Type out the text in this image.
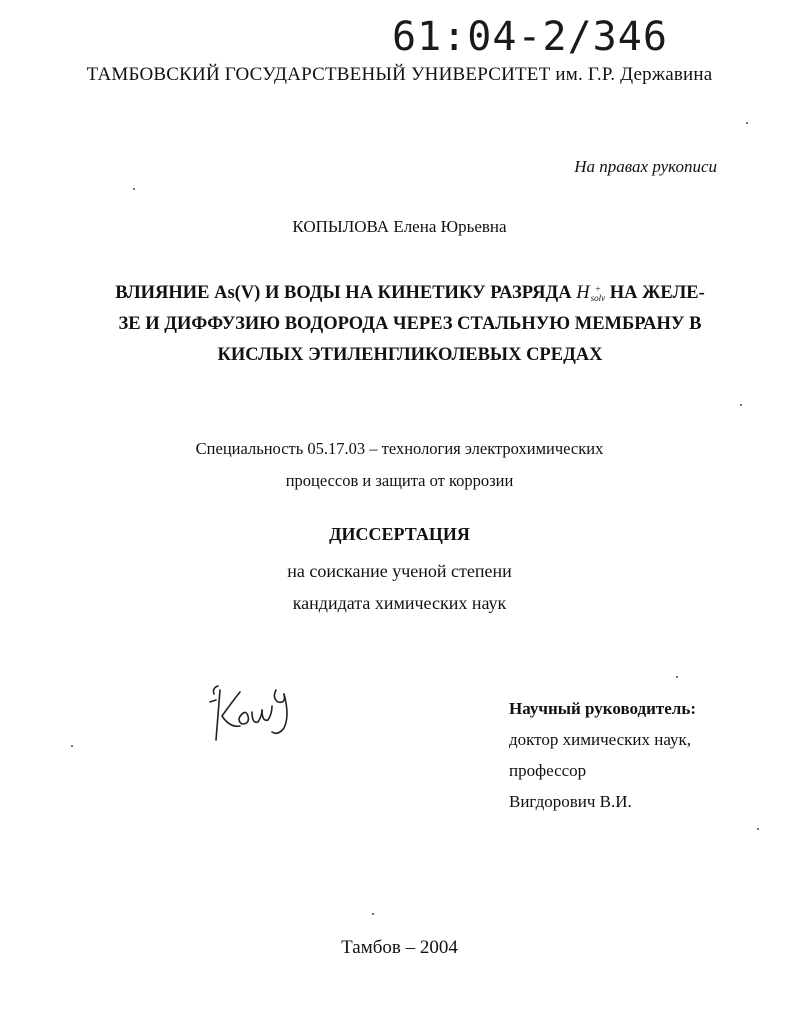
61:04-2/346
ТАМБОВСКИЙ ГОСУДАРСТВЕНЫЙ УНИВЕРСИТЕТ им. Г.Р. Державина
На правах рукописи
КОПЫЛОВА Елена Юрьевна
ВЛИЯНИЕ As(V) И ВОДЫ НА КИНЕТИКУ РАЗРЯДА H +
solv НА ЖЕЛЕ-
ЗЕ И ДИФФУЗИЮ ВОДОРОДА ЧЕРЕЗ СТАЛЬНУЮ МЕМБРАНУ В
КИСЛЫХ ЭТИЛЕНГЛИКОЛЕВЫХ СРЕДАХ
Специальность 05.17.03 – технология электрохимических
процессов и защита от коррозии
ДИССЕРТАЦИЯ
на соискание ученой степени
кандидата химических наук
Научный руководитель:
доктор химических наук,
профессор
Вигдорович В.И.
Тамбов – 2004
